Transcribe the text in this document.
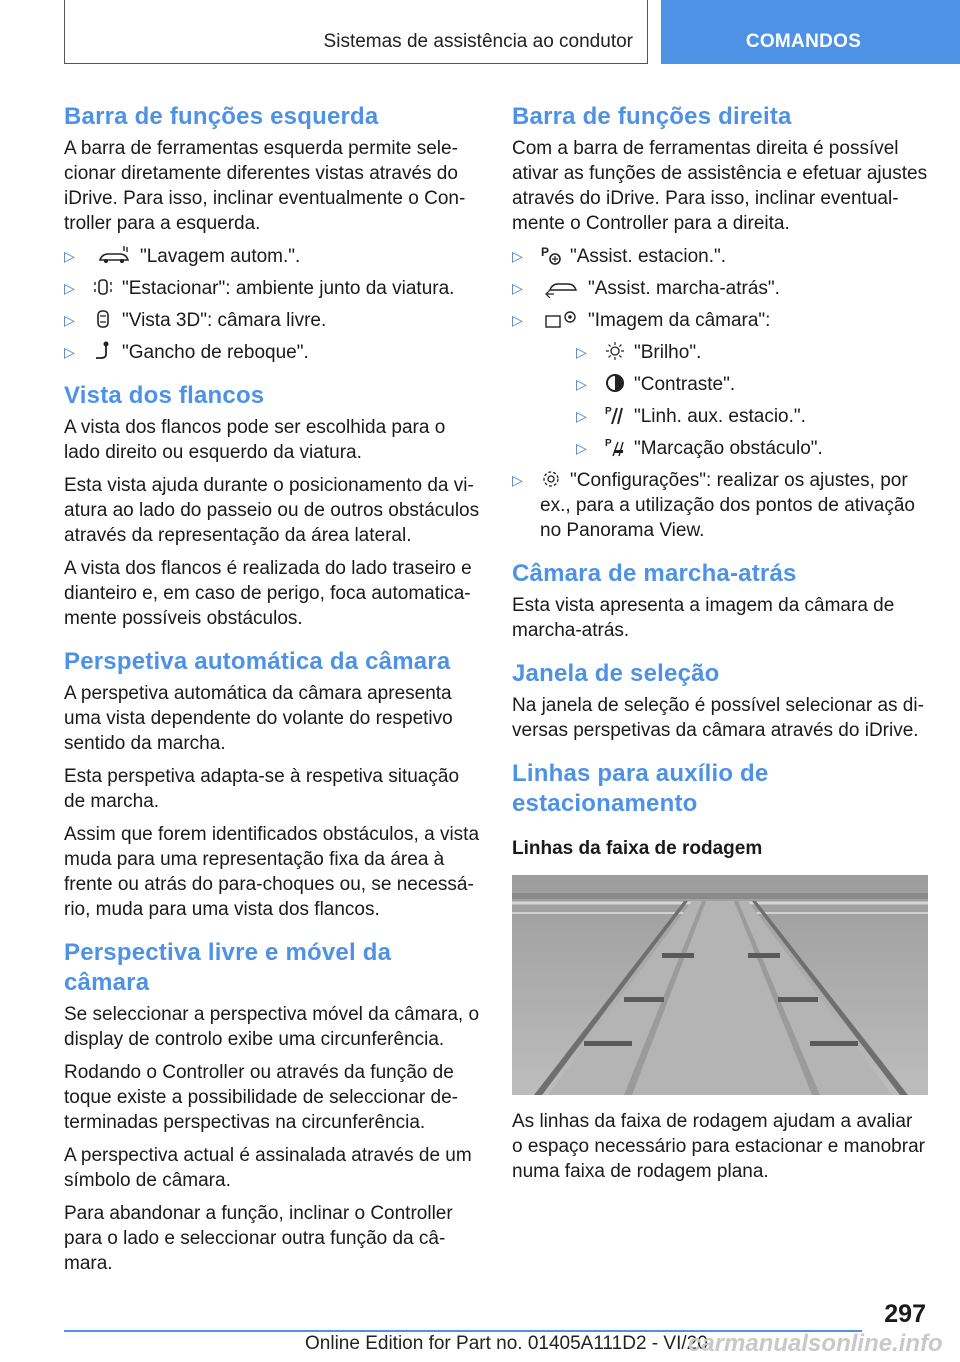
Sistemas de assistência ao condutor	COMANDOS
Barra de funções esquerda

A barra de ferramentas esquerda permite selecionar diretamente diferentes vistas através do iDrive. Para isso, inclinar eventualmente o Controller para a esquerda.

▷	"Lavagem autom.".
▷ "Estacionar": ambiente junto da viatura.
▷ "Vista 3D": câmara livre.
▷ "Gancho de reboque".
Vista dos flancos

A vista dos flancos pode ser escolhida para o lado direito ou esquerdo da viatura.

Esta vista ajuda durante o posicionamento da viatura ao lado do passeio ou de outros obstáculos através da representação da área lateral.

A vista dos flancos é realizada do lado traseiro e dianteiro e, em caso de perigo, foca automaticamente possíveis obstáculos.

Perspetiva automática da câmara

A perspetiva automática da câmara apresenta uma vista dependente do volante do respetivo sentido da marcha.

Esta perspetiva adapta-se à respetiva situação de marcha.

Assim que forem identificados obstáculos, a vista muda para uma representação fixa da área à frente ou atrás do para-choques ou, se necessário, muda para uma vista dos flancos.

Perspectiva livre e móvel da câmara

Se seleccionar a perspectiva móvel da câmara, o display de controlo exibe uma circunferência.

Rodando o Controller ou através da função de toque existe a possibilidade de seleccionar determinadas perspectivas na circunferência.

A perspectiva actual é assinalada através de um símbolo de câmara.

Para abandonar a função, inclinar o Controller para o lado e seleccionar outra função da câmara.

Barra de funções direita

Com a barra de ferramentas direita é possível ativar as funções de assistência e efetuar ajustes através do iDrive. Para isso, inclinar eventualmente o Controller para a direita.

▷ P "Assist. estacion.".
▷	"Assist. marcha-atrás".
▷	"Imagem da câmara":
▷ "Brilho".
▷ "Contraste".
▷ P "Linh. aux. estacio.".
▷ P "Marcação obstáculo".
▷ "Configurações": realizar os ajustes, por ex., para a utilização dos pontos de ativação no Panorama View.
Câmara de marcha-atrás

Esta vista apresenta a imagem da câmara de marcha-atrás.

Janela de seleção

Na janela de seleção é possível selecionar as diversas perspetivas da câmara através do iDrive.

Linhas para auxílio de estacionamento
Linhas da faixa de rodagem

As linhas da faixa de rodagem ajudam a avaliar o espaço necessário para estacionar e manobrar numa faixa de rodagem plana.

297
Online Edition for Part no. 01405A111D2 - VI/20
carmanualsonline.info
